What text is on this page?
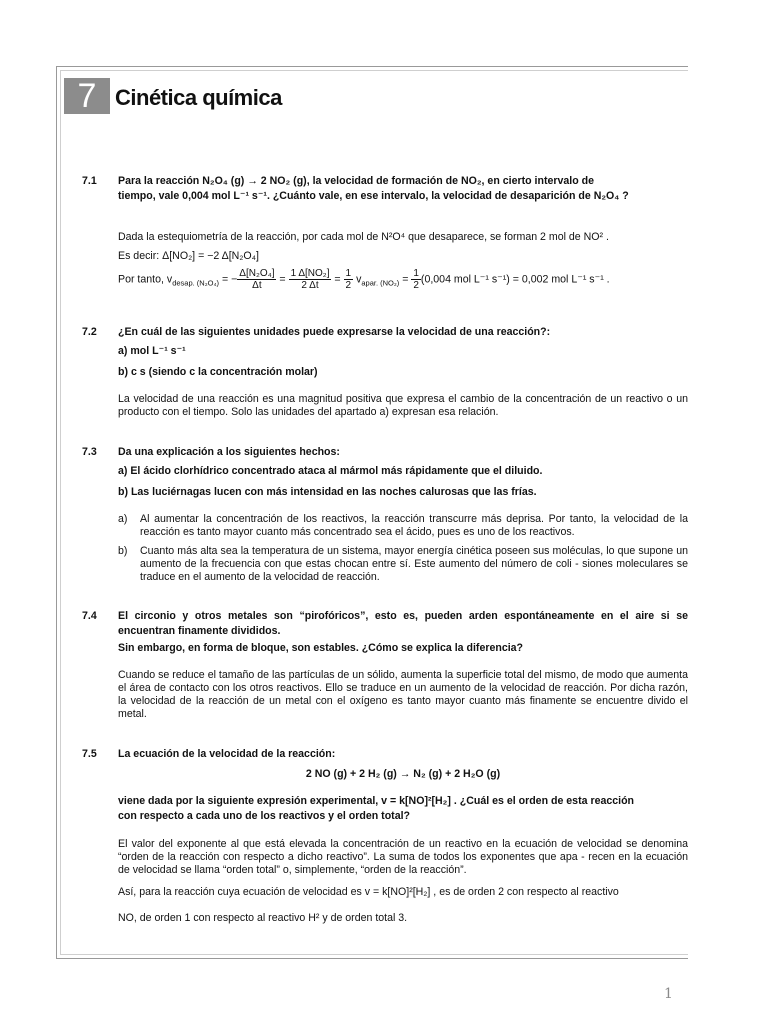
7 Cinética química
7.1 Para la reacción N₂O₄ (g) → 2 NO₂ (g), la velocidad de formación de NO₂, en cierto intervalo de
tiempo, vale 0,004 mol L⁻¹ s⁻¹. ¿Cuánto vale, en ese intervalo, la velocidad de desaparición de N₂O₄ ?
Dada la estequiometría de la reacción, por cada mol de N²O⁴ que desaparece, se forman 2 mol de NO² .
Es decir: Δ[NO₂] = −2 Δ[N₂O₄]
Por tanto, $v_{desap. (N_2O_4)}$ = − $\frac{\text{Δ[N₂O₄]}}{\Delta t} = \frac{\text{1 Δ[NO₂]}}{2 \Delta t} = \frac{1}{2} v_{apar. (NO_2)} = \frac{1}{2} (0,004$ mol L⁻¹ s⁻¹) = 0,002 mol L⁻¹ s⁻¹ .
7.2 ¿En cuál de las siguientes unidades puede expresarse la velocidad de una reacción?:
a) mol L⁻¹ s⁻¹
b) c s (siendo c la concentración molar)
La velocidad de una reacción es una magnitud positiva que expresa el cambio de la concentración de un reactivo o un producto con el tiempo. Solo las unidades del apartado a) expresan esa relación.
7.3 Da una explicación a los siguientes hechos:
a) El ácido clorhídrico concentrado ataca al mármol más rápidamente que el diluido.
b) Las luciérnagas lucen con más intensidad en las noches calurosas que las frías.
a) Al aumentar la concentración de los reactivos, la reacción transcurre más deprisa. Por tanto, la velocidad de la reacción es tanto mayor cuanto más concentrado sea el ácido, pues es uno de los reactivos.
b) Cuanto más alta sea la temperatura de un sistema, mayor energía cinética poseen sus moléculas, lo que supone un aumento de la frecuencia con que estas chocan entre sí. Este aumento del número de coli - siones moleculares se traduce en el aumento de la velocidad de reacción.
7.4 El circonio y otros metales son “pirofóricos”, esto es, pueden arden espontáneamente en el aire si se encuentran finamente divididos.
Sin embargo, en forma de bloque, son estables. ¿Cómo se explica la diferencia?
Cuando se reduce el tamaño de las partículas de un sólido, aumenta la superficie total del mismo, de modo que aumenta el área de contacto con los otros reactivos. Ello se traduce en un aumento de la velocidad de reacción. Por dicha razón, la velocidad de la reacción de un metal con el oxígeno es tanto mayor cuanto más finamente se encuentre divido el metal.
7.5 La ecuación de la velocidad de la reacción:
2 NO (g) + 2 H₂ (g) → N₂ (g) + 2 H₂O (g)
viene dada por la siguiente expresión experimental, v = k[NO]²[H₂] . ¿Cuál es el orden de esta reacción
con respecto a cada uno de los reactivos y el orden total?
El valor del exponente al que está elevada la concentración de un reactivo en la ecuación de velocidad se denomina “orden de la reacción con respecto a dicho reactivo”. La suma de todos los exponentes que apa - recen en la ecuación de velocidad se llama “orden total” o, simplemente, “orden de la reacción”.
Así, para la reacción cuya ecuación de velocidad es v = k[NO]²[H₂] , es de orden 2 con respecto al reactivo
NO, de orden 1 con respecto al reactivo H² y de orden total 3.
1
